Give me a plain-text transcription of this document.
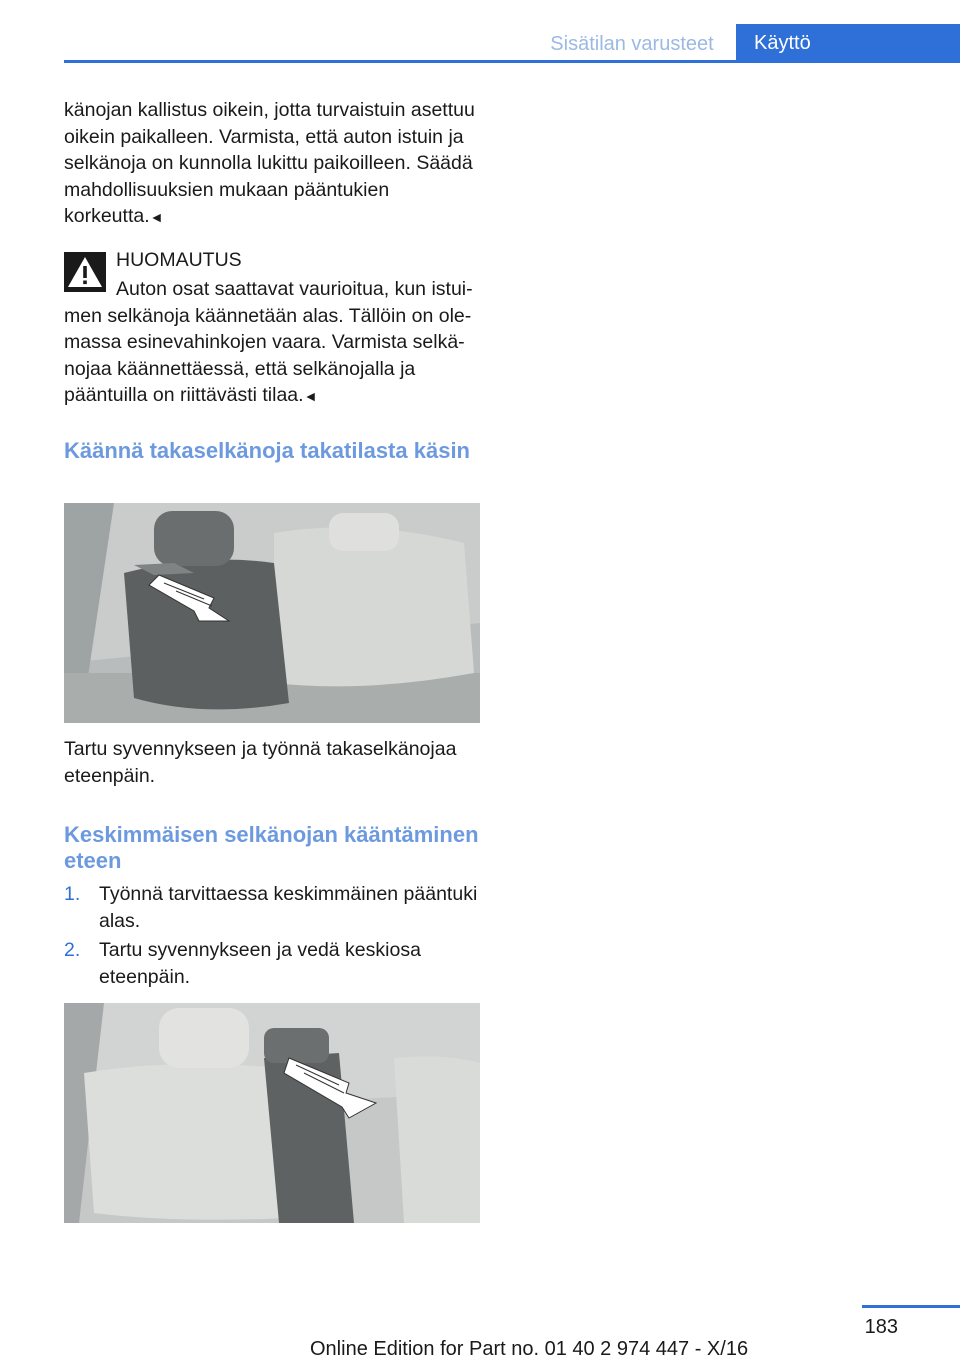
Sisätilan varusteet	Käyttö

känojan kallistus oikein, jotta turvaistuin asettuu oikein paikalleen. Varmista, että auton istuin ja selkänoja on kunnolla lukittu paikoilleen. Säädä mahdollisuuksien mukaan pääntukien korkeutta.◄

HUOMAUTUS

Auton osat saattavat vaurioitua, kun istuimen selkänoja käännetään alas. Tällöin on olemassa esinevahinkojen vaara. Varmista selkänojaa käännettäessä, että selkänojalla ja pääntuilla on riittävästi tilaa.◄

Käännä takaselkänoja takatilasta käsin
Tartu syvennykseen ja työnnä takaselkänojaa eteenpäin.
Keskimmäisen selkänojan kääntäminen eteen
1. Työnnä tarvittaessa keskimmäinen pääntuki alas.
2. Tartu syvennykseen ja vedä keskiosa eteenpäin.
183
Online Edition for Part no. 01 40 2 974 447 - X/16
